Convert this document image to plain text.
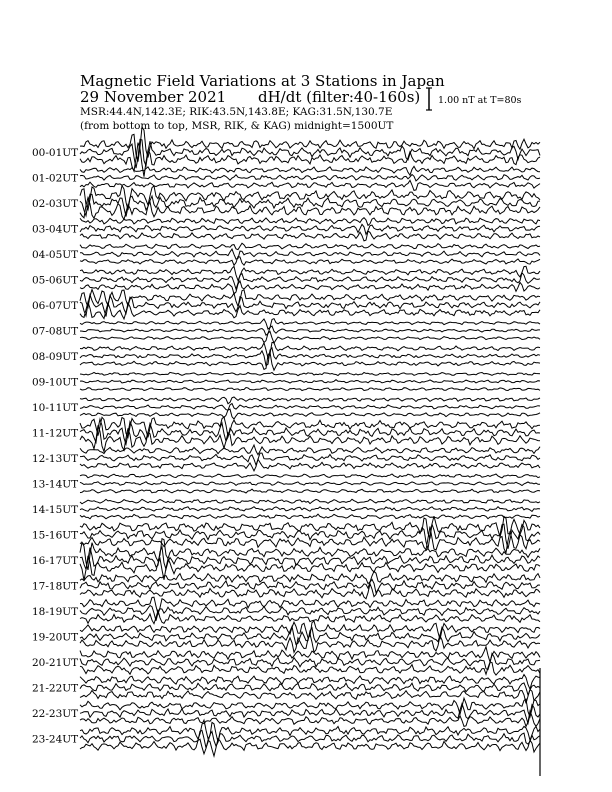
Magnetic Field Variations at 3 Stations in Japan
29 November 2021 dH/dt (filter:40-160s)
MSR:44.4N,142.3E; RIK:43.5N,143.8E; KAG:31.5N,130.7E
(from bottom to top, MSR, RIK, & KAG) midnight=1500UT
1.00 nT at T=80s
00-01UT
01-02UT
02-03UT
03-04UT
04-05UT
05-06UT
06-07UT
07-08UT
08-09UT
09-10UT
10-11UT
11-12UT
12-13UT
13-14UT
14-15UT
15-16UT
16-17UT
17-18UT
18-19UT
19-20UT
20-21UT
21-22UT
22-23UT
23-24UT
